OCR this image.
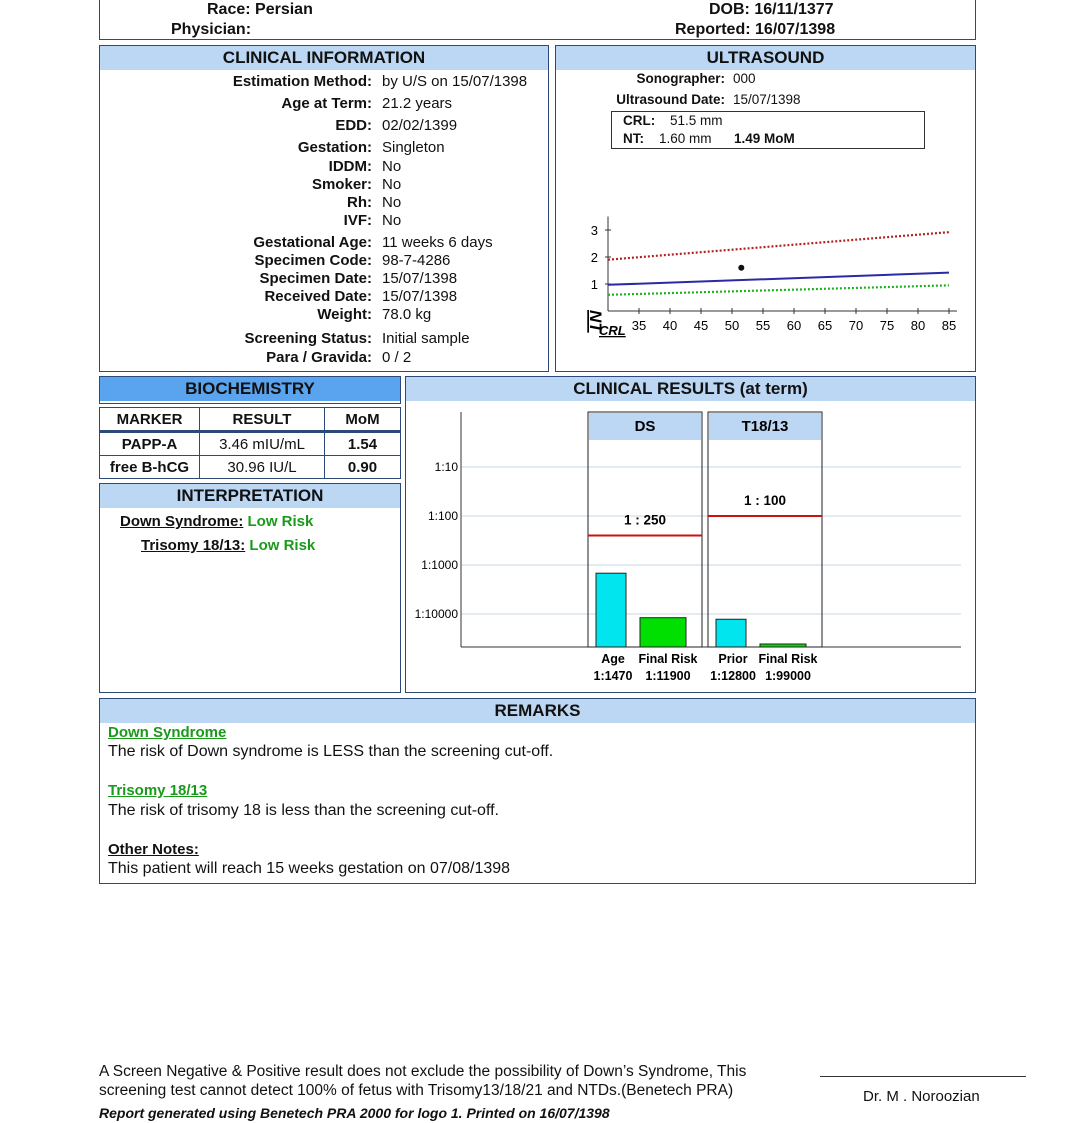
Race: Persian
Physician:
DOB: 16/11/1377
Reported: 16/07/1398
CLINICAL INFORMATION
Estimation Method: by U/S on 15/07/1398
Age at Term: 21.2 years
EDD: 02/02/1399
Gestation: Singleton
IDDM: No
Smoker: No
Rh: No
IVF: No
Gestational Age: 11 weeks 6 days
Specimen Code: 98-7-4286
Specimen Date: 15/07/1398
Received Date: 15/07/1398
Weight: 78.0 kg
Screening Status: Initial sample
Para / Gravida: 0 / 2
ULTRASOUND
Sonographer: 000
Ultrasound Date: 15/07/1398
CRL: 51.5 mm
NT: 1.60 mm 1.49 MoM
1
2
3
35 40 45 50 55 60 65 70 75 80 85
NT
CRL
BIOCHEMISTRY
MARKER	RESULT	MoM
PAPP-A	3.46 mIU/mL	1.54
free B-hCG	30.96 IU/L	0.90
INTERPRETATION
Down Syndrome: Low Risk
Trisomy 18/13: Low Risk
CLINICAL RESULTS (at term)
1:10
1:100
1:1000
1:10000
DS
1 : 250
Age
1:1470
Final Risk
1:11900
T18/13
1 : 100
Prior
1:12800
Final Risk
1:99000
REMARKS
Down Syndrome
The risk of Down syndrome is LESS than the screening cut-off.
Trisomy 18/13
The risk of trisomy 18 is less than the screening cut-off.
Other Notes:
This patient will reach 15 weeks gestation on 07/08/1398
A Screen Negative & Positive result does not exclude the possibility of Down’s Syndrome, This
screening test cannot detect 100% of fetus with Trisomy13/18/21 and NTDs.(Benetech PRA)
Report generated using Benetech PRA 2000 for logo 1. Printed on 16/07/1398
Dr. M . Noroozian
